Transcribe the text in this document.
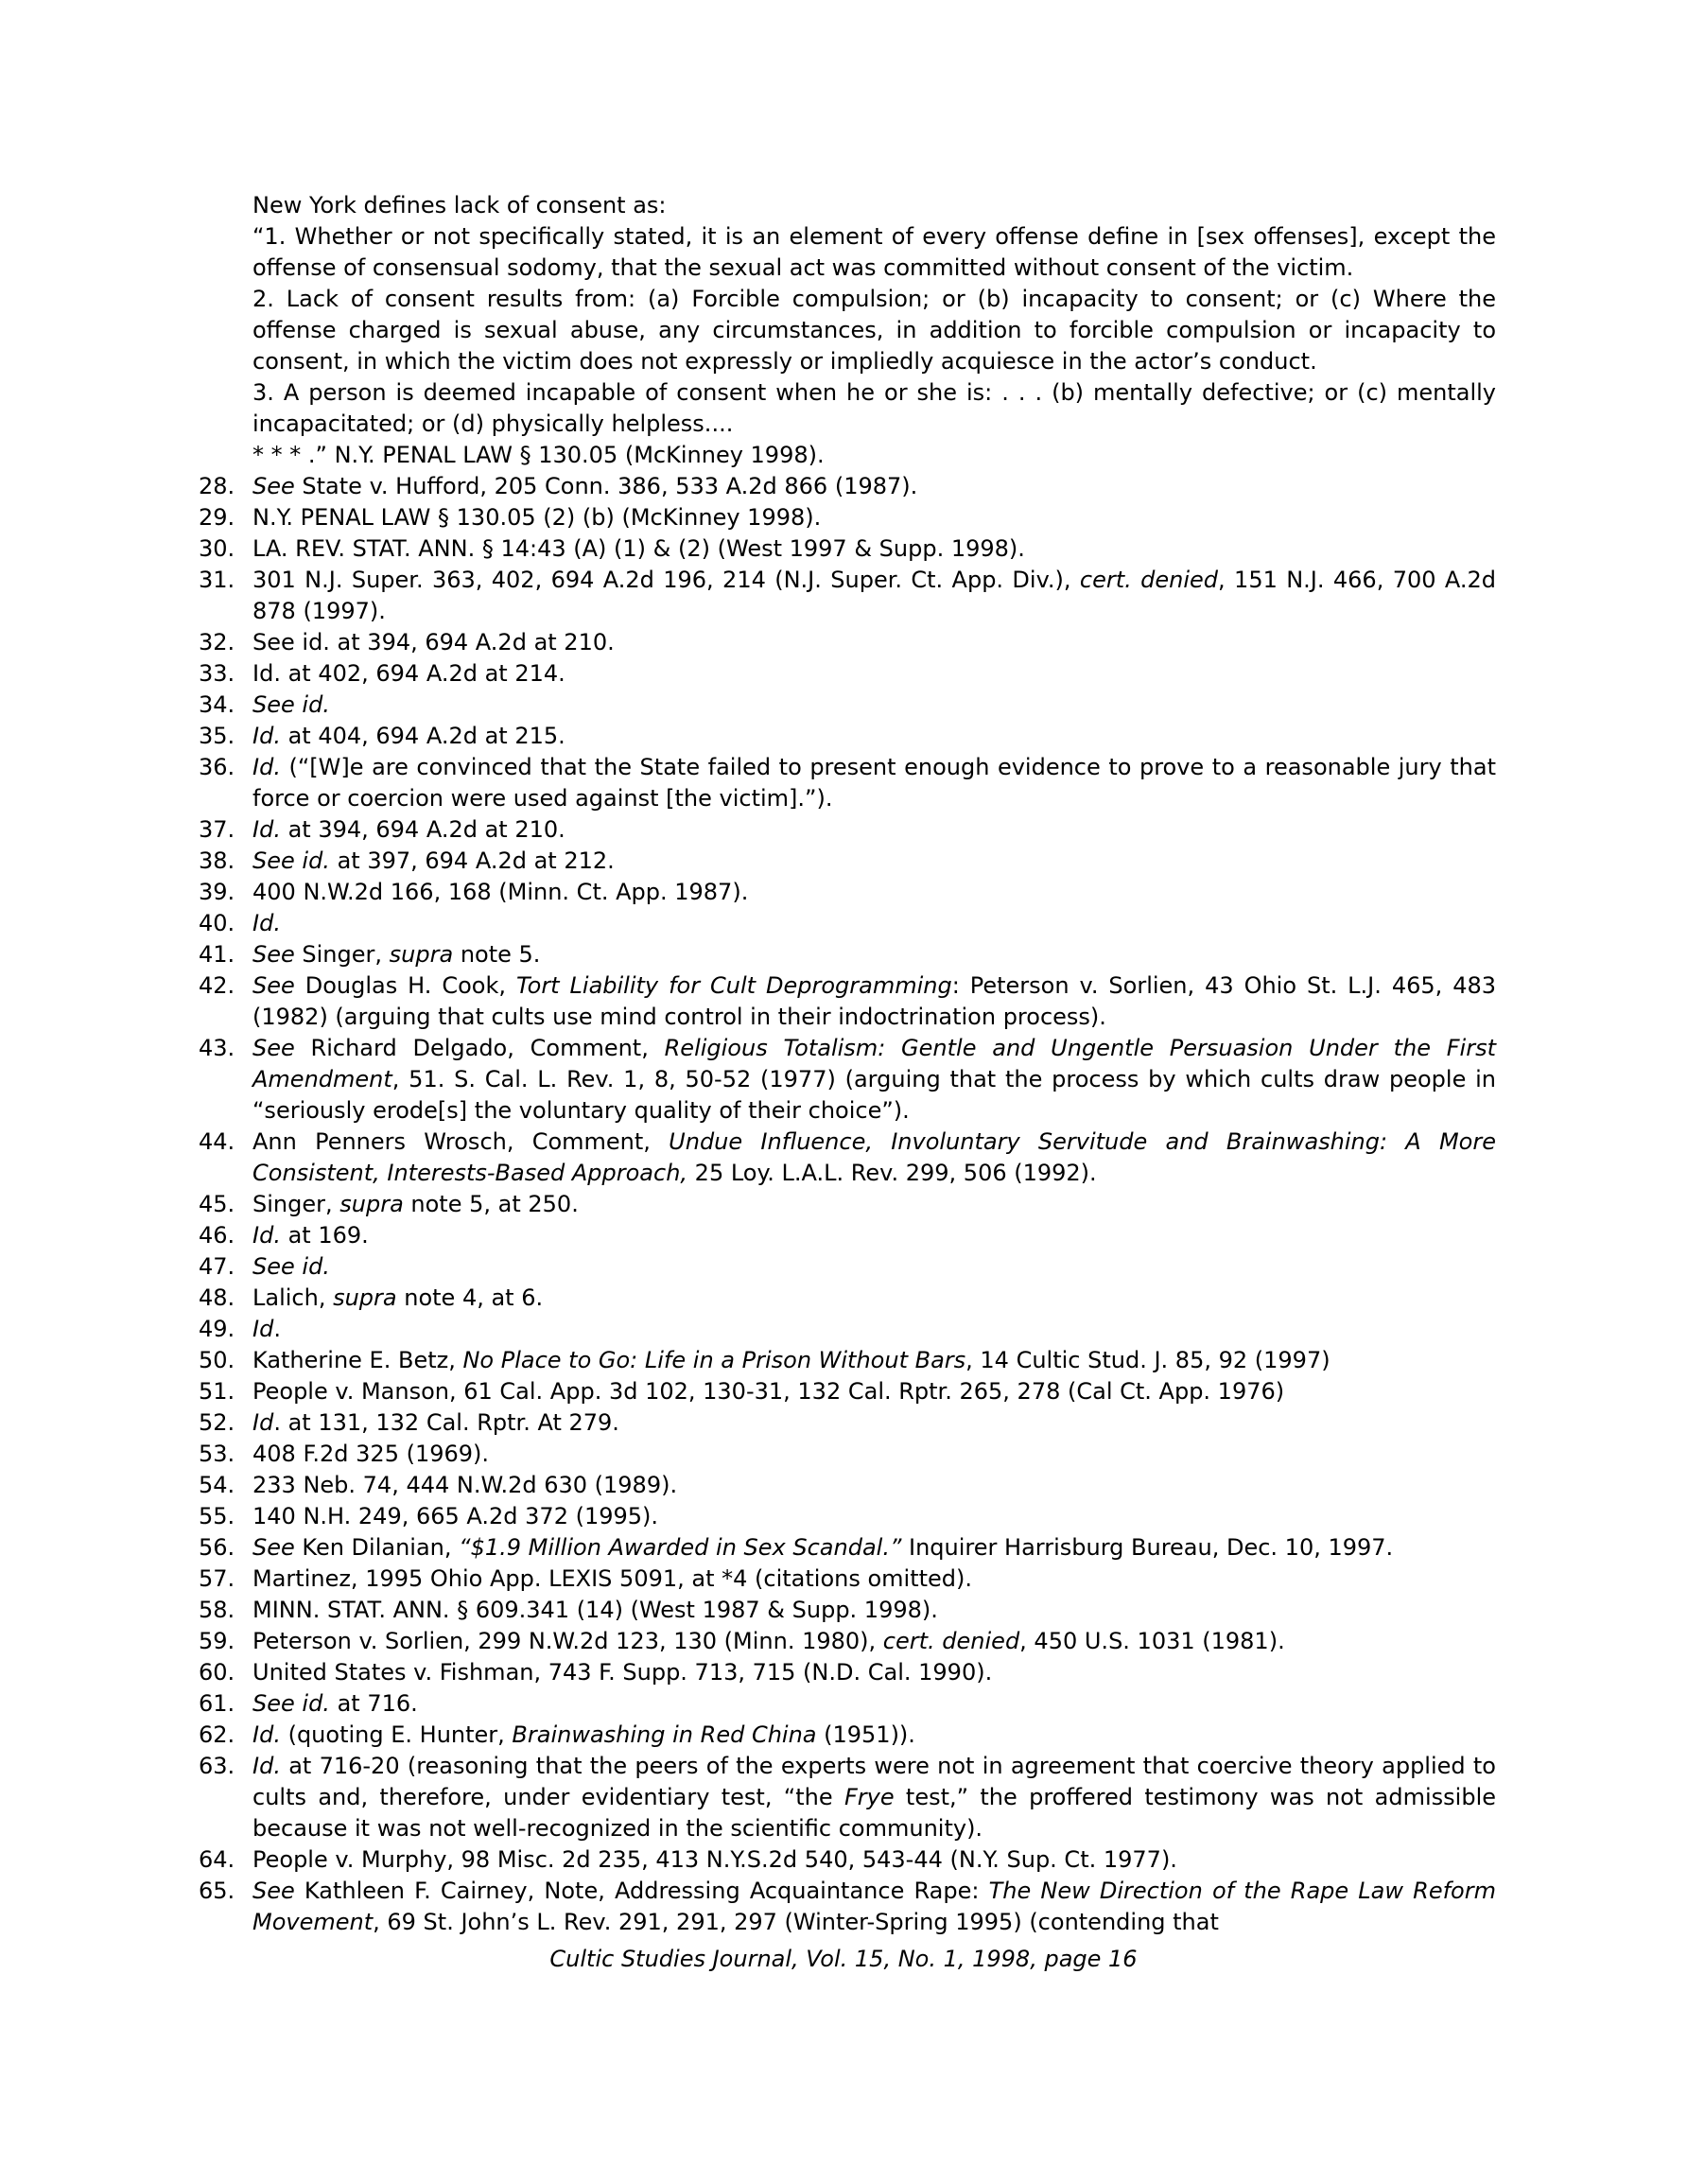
New York defines lack of consent as:
“1. Whether or not specifically stated, it is an element of every offense define in [sex offenses], except the offense of consensual sodomy, that the sexual act was committed without consent of the victim.
2. Lack of consent results from: (a) Forcible compulsion; or (b) incapacity to consent; or (c) Where the offense charged is sexual abuse, any circumstances, in addition to forcible compulsion or incapacity to consent, in which the victim does not expressly or impliedly acquiesce in the actor’s conduct.
3. A person is deemed incapable of consent when he or she is: . . . (b) mentally defective; or (c) mentally incapacitated; or (d) physically helpless....
* * * .” N.Y. PENAL LAW § 130.05 (McKinney 1998).
28. See State v. Hufford, 205 Conn. 386, 533 A.2d 866 (1987).
29. N.Y. PENAL LAW § 130.05 (2) (b) (McKinney 1998).
30. LA. REV. STAT. ANN. § 14:43 (A) (1) & (2) (West 1997 & Supp. 1998).
31. 301 N.J. Super. 363, 402, 694 A.2d 196, 214 (N.J. Super. Ct. App. Div.), cert. denied, 151 N.J. 466, 700 A.2d 878 (1997).
32. See id. at 394, 694 A.2d at 210.
33. Id. at 402, 694 A.2d at 214.
34. See id.
35. Id. at 404, 694 A.2d at 215.
36. Id. (“[W]e are convinced that the State failed to present enough evidence to prove to a reasonable jury that force or coercion were used against [the victim].”).
37. Id. at 394, 694 A.2d at 210.
38. See id. at 397, 694 A.2d at 212.
39. 400 N.W.2d 166, 168 (Minn. Ct. App. 1987).
40. Id.
41. See Singer, supra note 5.
42. See Douglas H. Cook, Tort Liability for Cult Deprogramming: Peterson v. Sorlien, 43 Ohio St. L.J. 465, 483 (1982) (arguing that cults use mind control in their indoctrination process).
43. See Richard Delgado, Comment, Religious Totalism: Gentle and Ungentle Persuasion Under the First Amendment, 51. S. Cal. L. Rev. 1, 8, 50-52 (1977) (arguing that the process by which cults draw people in “seriously erode[s] the voluntary quality of their choice”).
44. Ann Penners Wrosch, Comment, Undue Influence, Involuntary Servitude and Brainwashing: A More Consistent, Interests-Based Approach, 25 Loy. L.A.L. Rev. 299, 506 (1992).
45. Singer, supra note 5, at 250.
46. Id. at 169.
47. See id.
48. Lalich, supra note 4, at 6.
49. Id.
50. Katherine E. Betz, No Place to Go: Life in a Prison Without Bars, 14 Cultic Stud. J. 85, 92 (1997)
51. People v. Manson, 61 Cal. App. 3d 102, 130-31, 132 Cal. Rptr. 265, 278 (Cal Ct. App. 1976)
52. Id. at 131, 132 Cal. Rptr. At 279.
53. 408 F.2d 325 (1969).
54. 233 Neb. 74, 444 N.W.2d 630 (1989).
55. 140 N.H. 249, 665 A.2d 372 (1995).
56. See Ken Dilanian, “$1.9 Million Awarded in Sex Scandal.” Inquirer Harrisburg Bureau, Dec. 10, 1997.
57. Martinez, 1995 Ohio App. LEXIS 5091, at *4 (citations omitted).
58. MINN. STAT. ANN. § 609.341 (14) (West 1987 & Supp. 1998).
59. Peterson v. Sorlien, 299 N.W.2d 123, 130 (Minn. 1980), cert. denied, 450 U.S. 1031 (1981).
60. United States v. Fishman, 743 F. Supp. 713, 715 (N.D. Cal. 1990).
61. See id. at 716.
62. Id. (quoting E. Hunter, Brainwashing in Red China (1951)).
63. Id. at 716-20 (reasoning that the peers of the experts were not in agreement that coercive theory applied to cults and, therefore, under evidentiary test, “the Frye test,” the proffered testimony was not admissible because it was not well-recognized in the scientific community).
64. People v. Murphy, 98 Misc. 2d 235, 413 N.Y.S.2d 540, 543-44 (N.Y. Sup. Ct. 1977).
65. See Kathleen F. Cairney, Note, Addressing Acquaintance Rape: The New Direction of the Rape Law Reform Movement, 69 St. John’s L. Rev. 291, 291, 297 (Winter-Spring 1995) (contending that
Cultic Studies Journal, Vol. 15, No. 1, 1998, page 16
